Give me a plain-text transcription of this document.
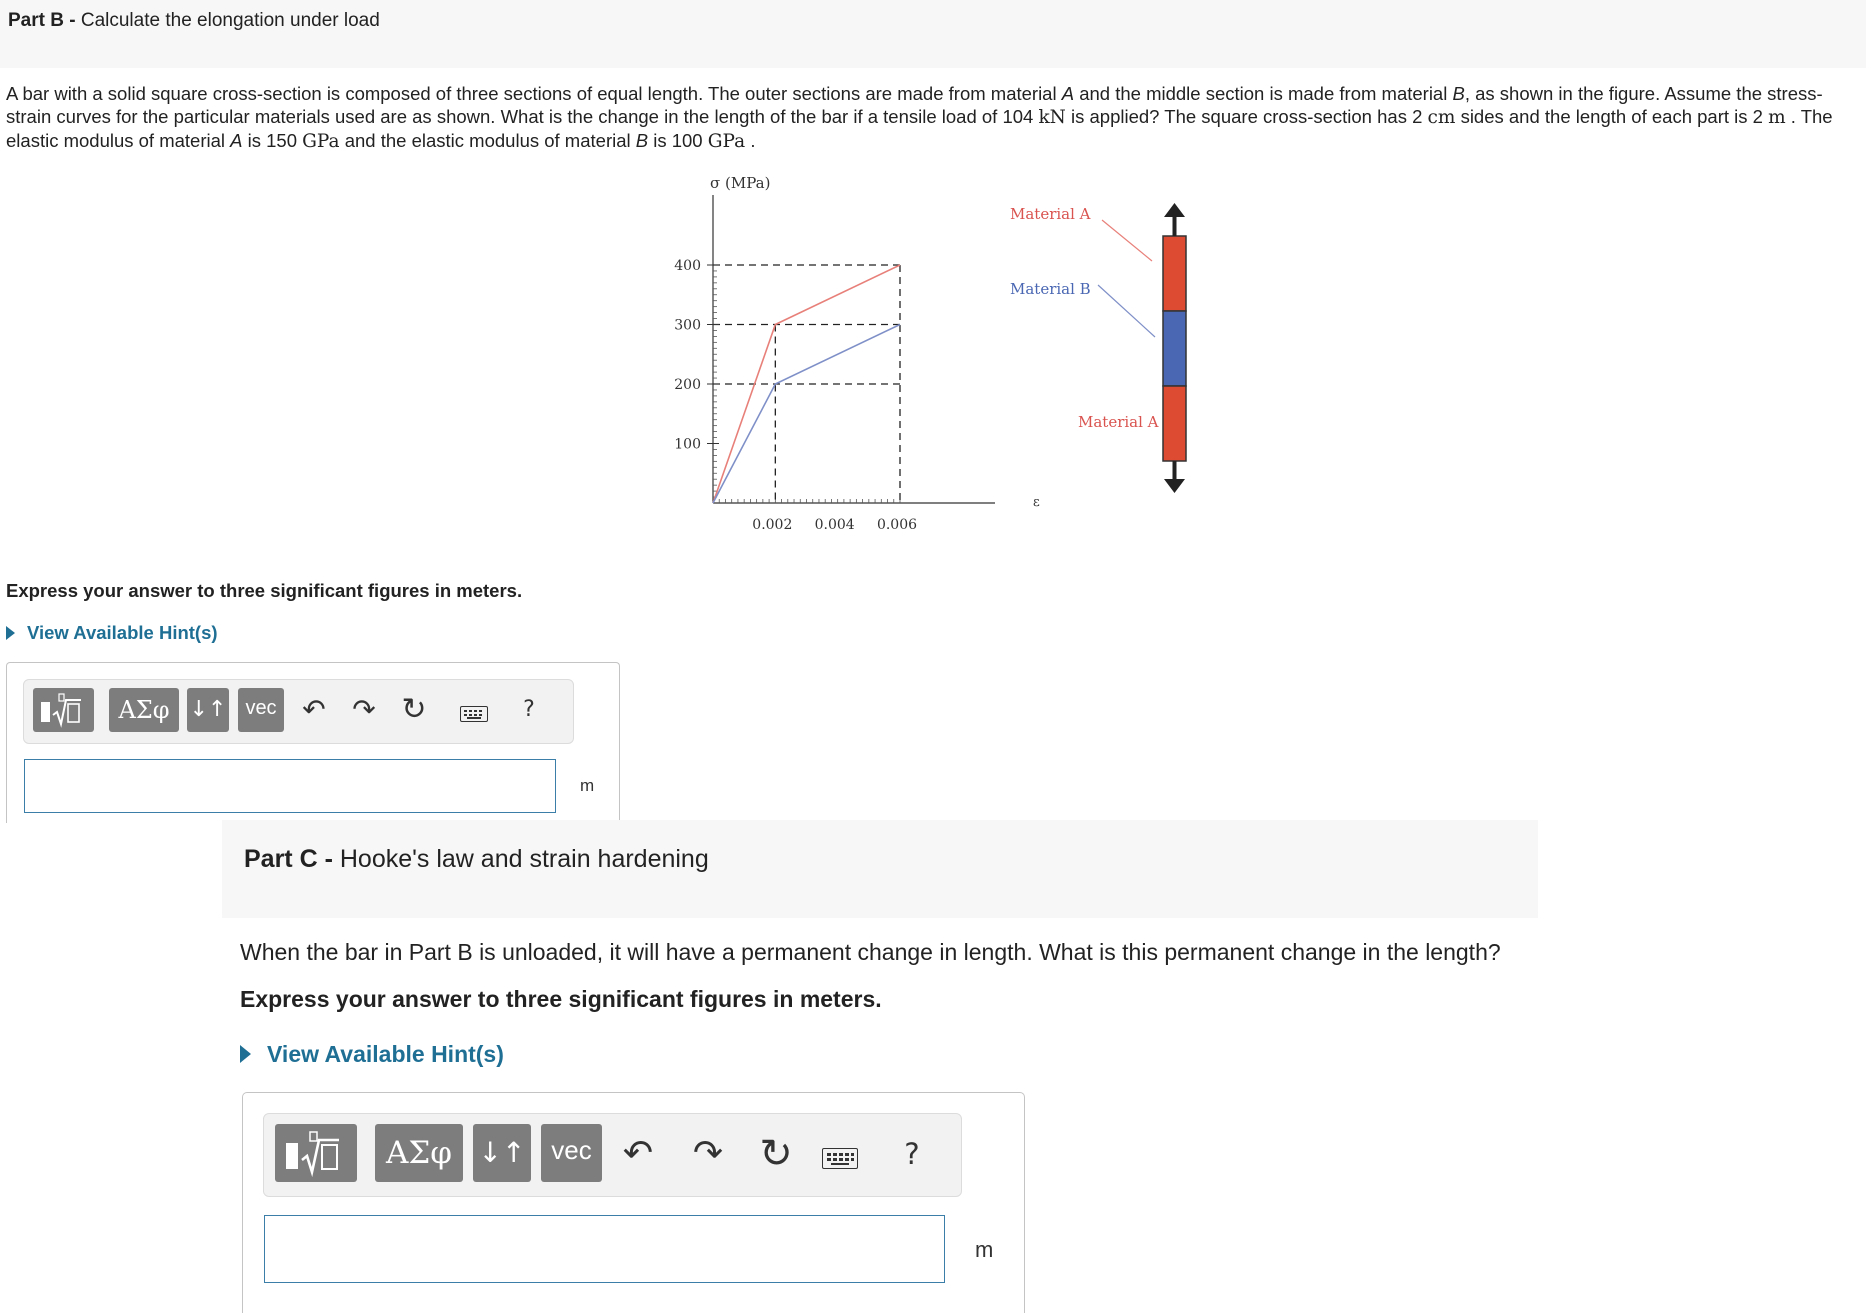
Part B - Calculate the elongation under load
A bar with a solid square cross-section is composed of three sections of equal length. The outer sections are made from material A and the middle section is made from material B, as shown in the figure. Assume the stress-strain curves for the particular materials used are as shown. What is the change in the length of the bar if a tensile load of 104 kN is applied? The square cross-section has 2 cm sides and the length of each part is 2 m . The elastic modulus of material A is 150 GPa and the elastic modulus of material B is 100 GPa .
σ (MPa)
ε
100
200
300
400
0.002 0.004 0.006
Material A
Material B
Material A
Express your answer to three significant figures in meters.
View Available Hint(s)
ΑΣφ ↓↑ vec ↶ ↷ ↻	?
m
Part C - Hooke's law and strain hardening
When the bar in Part B is unloaded, it will have a permanent change in length. What is this permanent change in the length?
Express your answer to three significant figures in meters.
View Available Hint(s)
ΑΣφ ↓↑ vec ↶ ↷ ↻	?
m
